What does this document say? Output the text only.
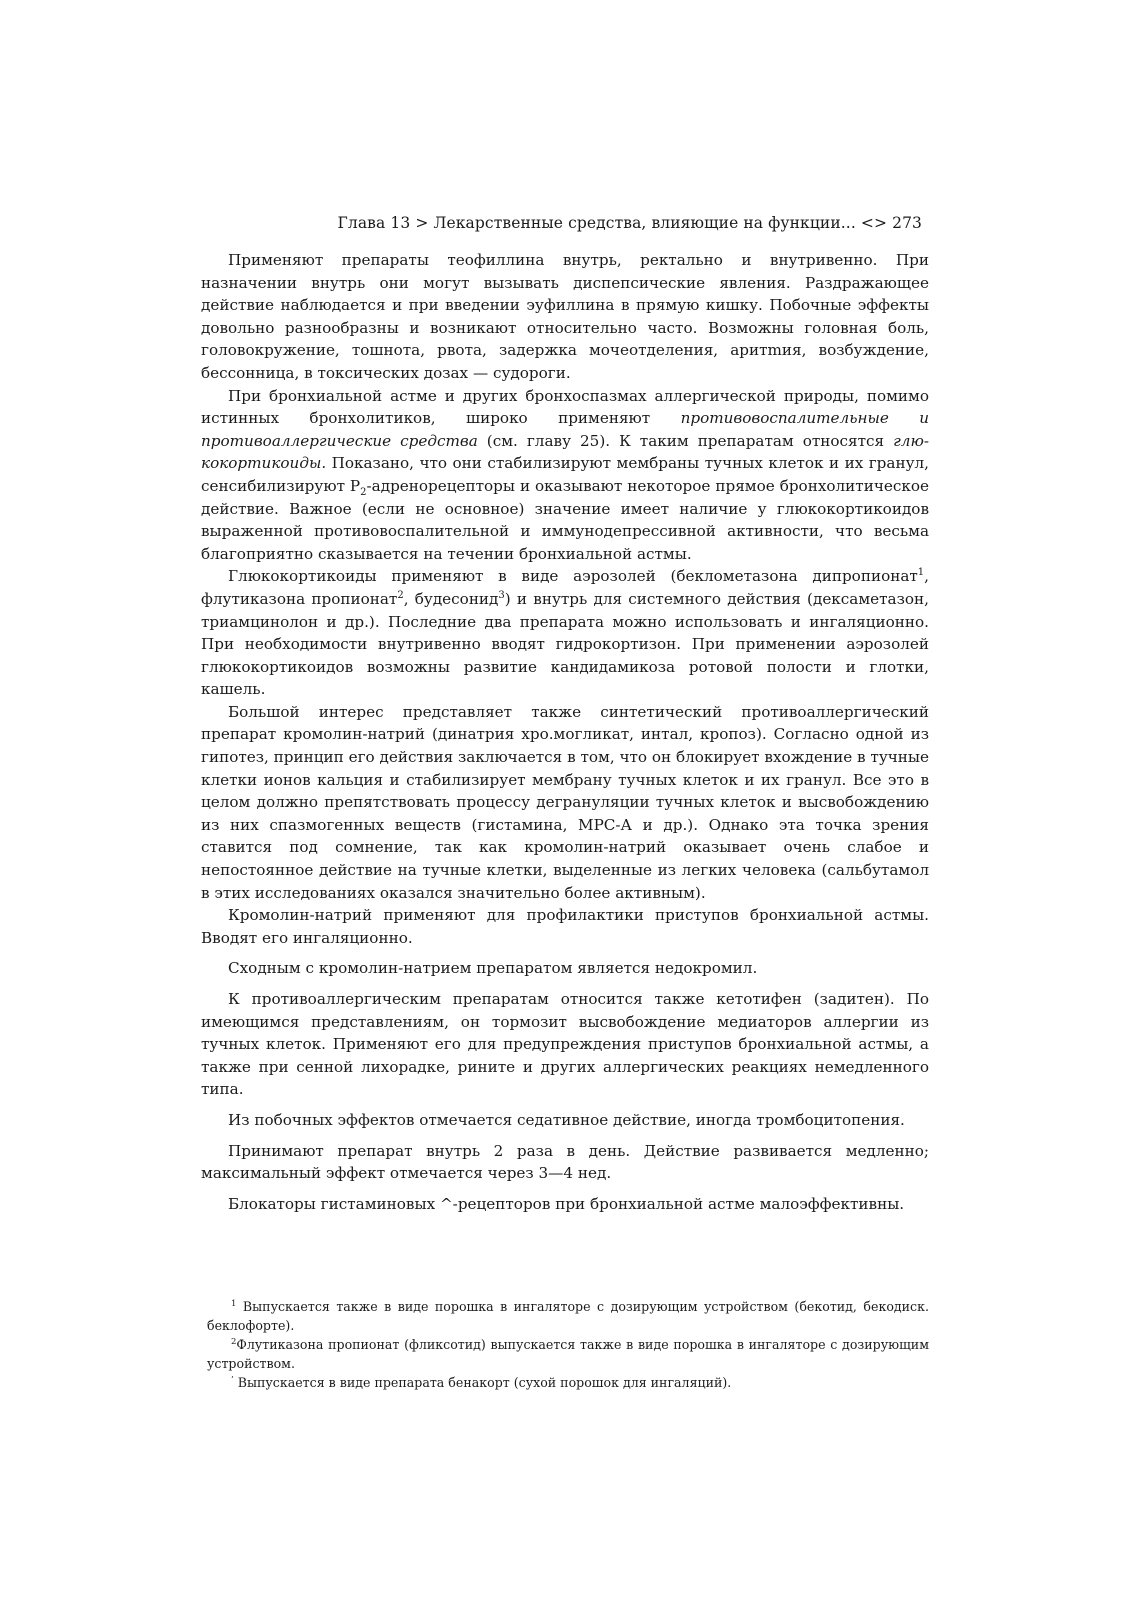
Глава 13 > Лекарственные средства, влияющие на функции... <> 273

Применяют препараты теофиллина внутрь, ректально и внутривенно. При назначении внутрь они могут вызывать диспепсические явления. Раздражающее действие наблюдается и при введении эуфиллина в прямую кишку. Побочные эффекты довольно разнообразны и возникают относительно часто. Возможны головная боль, головокружение, тошнота, рвота, задержка мочеотделения, аритmия, возбуждение, бессонница, в токсических дозах — судороги.

При бронхиальной астме и других бронхоспазмах аллергической природы, помимо истинных бронхолитиков, широко применяют противовоспалительные и противоаллергические средства (см. главу 25). К таким препаратам относятся глюкокортикоиды. Показано, что они стабилизируют мембраны тучных клеток и их гранул, сенсибилизируют $P_2$-адренорецепторы и оказывают некоторое прямое бронхолитическое действие. Важное (если не основное) значение имеет наличие у глюкокортикоидов выраженной противовоспалительной и иммунодепрессивной активности, что весьма благоприятно сказывается на течении бронхиальной астмы.

Глюкокортикоиды применяют в виде аэрозолей (беклометазона дипропионат$^1$, флутиказона пропионат$^2$, будесонид$^3$) и внутрь для системного действия (дексаметазон, триамцинолон и др.). Последние два препарата можно использовать и ингаляционно. При необходимости внутривенно вводят гидрокортизон. При применении аэрозолей глюкокортикоидов возможны развитие кандидамикоза ротовой полости и глотки, кашель.

Большой интерес представляет также синтетический противоаллергический препарат кромолин-натрий (динатрия хро.могликат, интал, кропоз). Согласно одной из гипотез, принцип его действия заключается в том, что он блокирует вхождение в тучные клетки ионов кальция и стабилизирует мембрану тучных клеток и их гранул. Все это в целом должно препятствовать процессу дегрануляции тучных клеток и высвобождению из них спазмогенных веществ (гистамина, МРС-А и др.). Однако эта точка зрения ставится под сомнение, так как кромолин-натрий оказывает очень слабое и непостоянное действие на тучные клетки, выделенные из легких человека (сальбутамол в этих исследованиях оказался значительно более активным).

Кромолин-натрий применяют для профилактики приступов бронхиальной астмы. Вводят его ингаляционно.

Сходным с кромолин-натрием препаратом является недокромил.

К противоаллергическим препаратам относится также кетотифен (задитен). По имеющимся представлениям, он тормозит высвобождение медиаторов аллергии из тучных клеток. Применяют его для предупреждения приступов бронхиальной астмы, а также при сенной лихорадке, рините и других аллергических реакциях немедленного типа.

Из побочных эффектов отмечается седативное действие, иногда тромбоцитопения.

Принимают препарат внутрь 2 раза в день. Действие развивается медленно; максимальный эффект отмечается через 3—4 нед.

Блокаторы гистаминовых ^-рецепторов при бронхиальной астме малоэффективны.

$^1$ Выпускается также в виде порошка в ингаляторе с дозирующим устройством (бекотид, бекодиск. беклофорте).

$^2$Флутиказона пропионат (фликсотид) выпускается также в виде порошка в ингаляторе с дозирующим устройством.

’ Выпускается в виде препарата бенакорт (сухой порошок для ингаляций).
